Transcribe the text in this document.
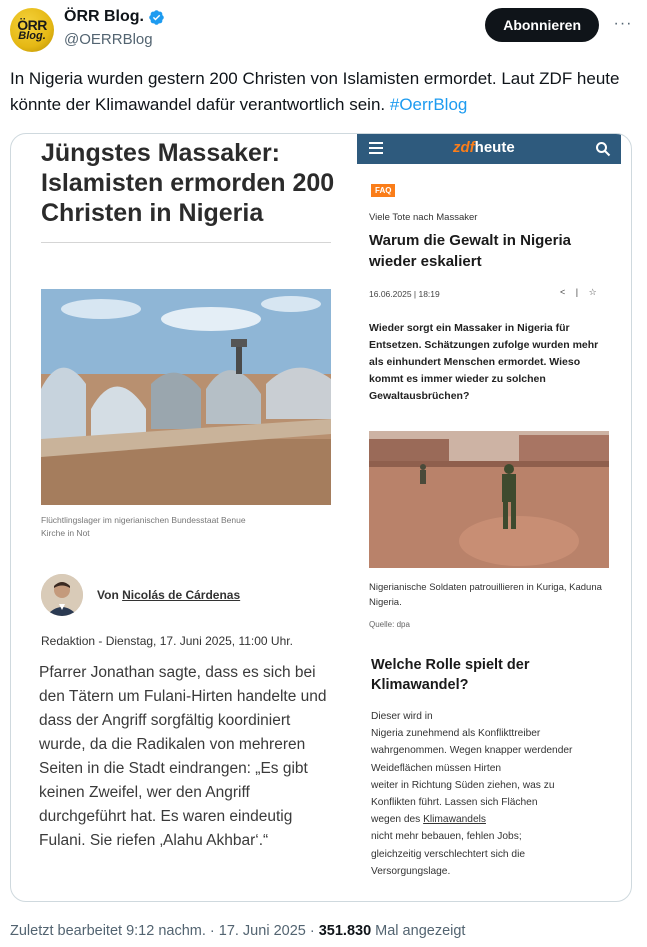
ÖRR
Blog.
ÖRR Blog.
@OERRBlog
Abonnieren	···
In Nigeria wurden gestern 200 Christen von Islamisten ermordet. Laut ZDF heute könnte der Klimawandel dafür verantwortlich sein. #OerrBlog
Jüngstes Massaker: Islamisten ermorden 200 Christen in Nigeria
Flüchtlingslager im nigerianischen Bundesstaat Benue
Kirche in Not
Von Nicolás de Cárdenas
Redaktion - Dienstag, 17. Juni 2025, 11:00 Uhr.
Pfarrer Jonathan sagte, dass es sich bei den Tätern um Fulani-Hirten handelte und dass der Angriff sorgfältig koordiniert wurde, da die Radikalen von mehreren Seiten in die Stadt eindrangen: „Es gibt keinen Zweifel, wer den Angriff durchgeführt hat. Es waren eindeutig Fulani. Sie riefen ‚Alahu Akhbar‘.“
zdfheute
FAQ
Viele Tote nach Massaker
Warum die Gewalt in Nigeria wieder eskaliert
16.06.2025 | 18:19	< | ☆
Wieder sorgt ein Massaker in Nigeria für Entsetzen. Schätzungen zufolge wurden mehr als einhundert Menschen ermordet. Wieso kommt es immer wieder zu solchen Gewaltausbrüchen?
Nigerianische Soldaten patrouillieren in Kuriga, Kaduna Nigeria.
Quelle: dpa
Welche Rolle spielt der Klimawandel?
Dieser wird in
Nigeria zunehmend als Konflikttreiber
wahrgenommen. Wegen knapper werdender
Weideflächen müssen Hirten
weiter in Richtung Süden ziehen, was zu
Konflikten führt. Lassen sich Flächen
wegen des Klimawandels
nicht mehr bebauen, fehlen Jobs;
gleichzeitig verschlechtert sich die
Versorgungslage.
Zuletzt bearbeitet 9:12 nachm. · 17. Juni 2025 · 351.830 Mal angezeigt
